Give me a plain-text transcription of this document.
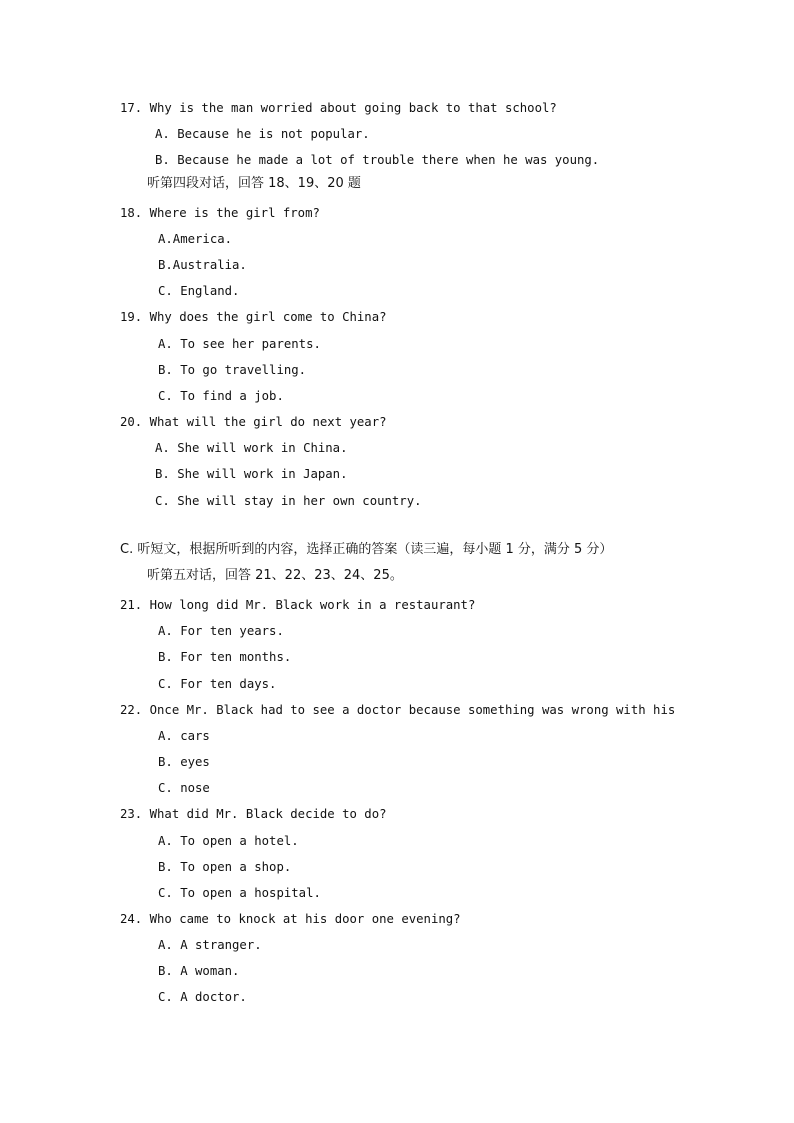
17. Why is the man worried about going back to that school?
A. Because he is not popular.
B. Because he made a lot of trouble there when he was young.
听第四段对话，回答 18、19、20 题
18. Where is the girl from?
A.America.
B.Australia.
C. England.
19. Why does the girl come to China?
A. To see her parents.
B. To go travelling.
C. To find a job.
20. What will the girl do next year?
A. She will work in China.
B. She will work in Japan.
C. She will stay in her own country.
C. 听短文，根据所听到的内容，选择正确的答案（读三遍，每小题 1 分，满分 5 分）
听第五对话，回答 21、22、23、24、25。
21. How long did Mr. Black work in a restaurant?
A. For ten years.
B. For ten months.
C. For ten days.
22. Once Mr. Black had to see a doctor because something was wrong with his
A. cars
B. eyes
C. nose
23. What did Mr. Black decide to do?
A. To open a hotel.
B. To open a shop.
C. To open a hospital.
24. Who came to knock at his door one evening?
A. A stranger.
B. A woman.
C. A doctor.
